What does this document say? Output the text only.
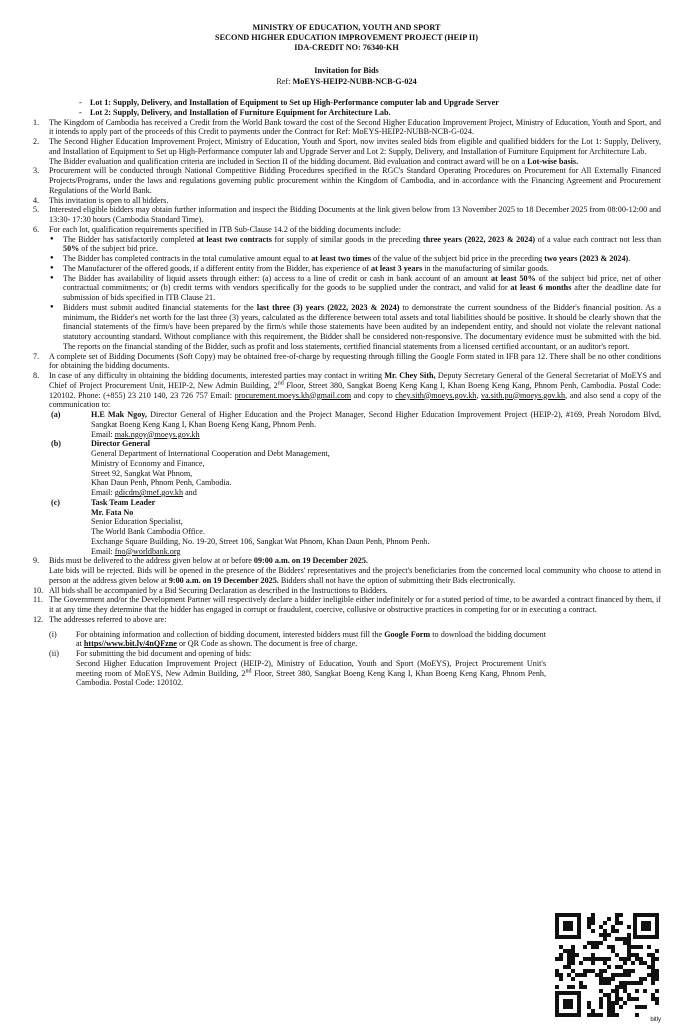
MINISTRY OF EDUCATION, YOUTH AND SPORT
SECOND HIGHER EDUCATION IMPROVEMENT PROJECT (HEIP II)
IDA-CREDIT NO: 76340-KH
Invitation for Bids
Ref: MoEYS-HEIP2-NUBB-NCB-G-024
- Lot 1: Supply, Delivery, and Installation of Equipment to Set up High-Performance computer lab and Upgrade Server
- Lot 2: Supply, Delivery, and Installation of Furniture Equipment for Architecture Lab.
1. The Kingdom of Cambodia has received a Credit from the World Bank toward the cost of the Second Higher Education Improvement Project, Ministry of Education, Youth and Sport, and it intends to apply part of the proceeds of this Credit to payments under the Contract for Ref: MoEYS-HEIP2-NUBB-NCB-G-024.
2. The Second Higher Education Improvement Project, Ministry of Education, Youth and Sport, now invites sealed bids from eligible and qualified bidders for the Lot 1: Supply, Delivery, and Installation of Equipment to Set up High-Performance computer lab and Upgrade Server and Lot 2: Supply, Delivery, and Installation of Furniture Equipment for Architecture Lab.
The Bidder evaluation and qualification criteria are included in Section II of the bidding document. Bid evaluation and contract award will be on a Lot-wise basis.
3. Procurement will be conducted through National Competitive Bidding Procedures specified in the RGC's Standard Operating Procedures on Procurement for All Externally Financed Projects/Programs, under the laws and regulations governing public procurement within the Kingdom of Cambodia, and in accordance with the Financing Agreement and Procurement Regulations of the World Bank.
4. This invitation is open to all bidders.
5. Interested eligible bidders may obtain further information and inspect the Bidding Documents at the link given below from 13 November 2025 to 18 December 2025 from 08:00-12:00 and 13:30- 17:30 hours (Cambodia Standard Time).
6. For each lot, qualification requirements specified in ITB Sub-Clause 14.2 of the bidding documents include:
● The Bidder has satisfactorily completed at least two contracts for supply of similar goods in the preceding three years (2022, 2023 & 2024) of a value each contract not less than 50% of the subject bid price.
● The Bidder has completed contracts in the total cumulative amount equal to at least two times of the value of the subject bid price in the preceding two years (2023 & 2024).
● The Manufacturer of the offered goods, if a different entity from the Bidder, has experience of at least 3 years in the manufacturing of similar goods.
● The Bidder has availability of liquid assets through either: (a) access to a line of credit or cash in bank account of an amount at least 50% of the subject bid price, net of other contractual commitments; or (b) credit terms with vendors specifically for the goods to be supplied under the contract, and valid for at least 6 months after the deadline date for submission of bids specified in ITB Clause 21.
● Bidders must submit audited financial statements for the last three (3) years (2022, 2023 & 2024) to demonstrate the current soundness of the Bidder's financial position. As a minimum, the Bidder's net worth for the last three (3) years, calculated as the difference between total assets and total liabilities should be positive. It should be clearly shown that the financial statements of the firm/s have been prepared by the firm/s while those statements have been audited by an independent entity, and should not violate the relevant national statutory accounting standard. Without compliance with this requirement, the Bidder shall be considered non-responsive. The documentary evidence must be submitted with the bid. The reports on the financial standing of the Bidder, such as profit and loss statements, certified financial statements from a licensed certified accountant, or an auditor's report.
7. A complete set of Bidding Documents (Soft Copy) may be obtained free-of-charge by requesting through filling the Google Form stated in IFB para 12. There shall be no other conditions for obtaining the bidding documents.
8. In case of any difficulty in obtaining the bidding documents, interested parties may contact in writing Mr. Chey Sith, Deputy Secretary General of the General Secretariat of MoEYS and Chief of Project Procurement Unit, HEIP-2, New Admin Building, 2nd Floor, Street 380, Sangkat Boeng Keng Kang I, Khan Boeng Keng Kang, Phnom Penh, Cambodia. Postal Code: 120102. Phone: (+855) 23 210 140, 23 726 757 Email: procurement.moeys.kh@gmail.com and copy to chey.sith@moeys.gov.kh, va.sith.pu@moeys.gov.kh, and also send a copy of the communication to:
(a)	H.E Mak Ngoy, Director General of Higher Education and the Project Manager, Second Higher Education Improvement Project (HEIP-2), #169, Preah Norodom Blvd, Sangkat Boeng Keng Kang I, Khan Boeng Keng Kang, Phnom Penh.
Email: mak.ngoy@moeys.gov.kh
(b)	Director General
General Department of International Cooperation and Debt Management,
Ministry of Economy and Finance,
Street 92, Sangkat Wat Phnom,
Khan Daun Penh, Phnom Penh, Cambodia.
Email: gdicdm@mef.gov.kh and
(c)	Task Team Leader
Mr. Fata No
Senior Education Specialist,
The World Bank Cambodia Office.
Exchange Square Building, No. 19-20, Street 106, Sangkat Wat Phnom, Khan Daun Penh, Phnom Penh.
Email: fno@worldbank.org
9. Bids must be delivered to the address given below at or before 09:00 a.m. on 19 December 2025.
Late bids will be rejected. Bids will be opened in the presence of the Bidders' representatives and the project's beneficiaries from the concerned local community who choose to attend in person at the address given below at 9:00 a.m. on 19 December 2025. Bidders shall not have the option of submitting their Bids electronically.
10. All bids shall be accompanied by a Bid Securing Declaration as described in the Instructions to Bidders.
11. The Government and/or the Development Partner will respectively declare a bidder ineligible either indefinitely or for a stated period of time, to be awarded a contract financed by them, if it at any time they determine that the bidder has engaged in corrupt or fraudulent, coercive, collusive or obstructive practices in competing for or in executing a contract.
12. The addresses referred to above are:
(i) For obtaining information and collection of bidding document, interested bidders must fill the Google Form to download the bidding document at https//www.bit.ly/4nQFzne or QR Code as shown. The document is free of charge.
(ii) For submitting the bid document and opening of bids:
Second Higher Education Improvement Project (HEIP-2), Ministry of Education, Youth and Sport (MoEYS), Project Procurement Unit's meeting room of MoEYS, New Admin Building, 2nd Floor, Street 380, Sangkat Boeng Keng Kang I, Khan Boeng Keng Kang, Phnom Penh, Cambodia. Postal Code: 120102.
bitly
